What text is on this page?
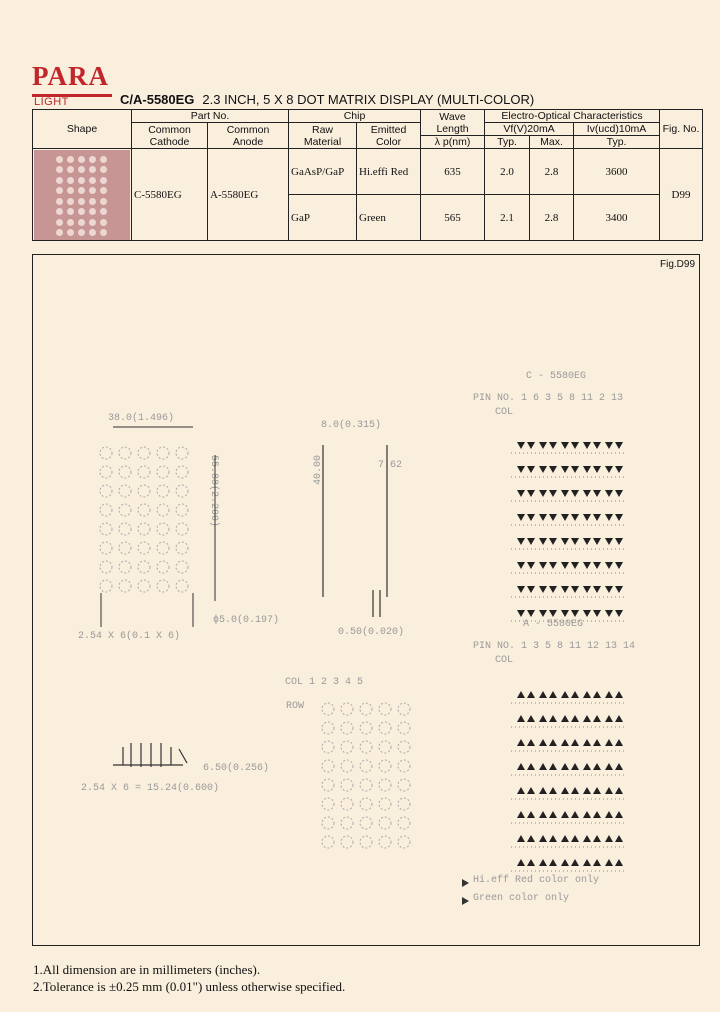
PARA
LIGHT	C/A-5580EG 2.3 INCH, 5 X 8 DOT MATRIX DISPLAY (MULTI-COLOR)
Shape	Part No.		Chip		Wave Length	Electro-Optical Characteristics			Fig. No.
	Common Cathode	Common Anode	Raw Material	Emitted Color		Vf(V)20mA		Iv(ucd)10mA	
					λ p(nm)	Typ.	Max.	Typ.	

	C-5580EG	A-5580EG	GaAsP/GaP	Hi.effi Red	635	2.0	2.8	3600	D99
			GaP	Green	565	2.1	2.8	3400	
Fig.D99
38.0(1.496)
8.0(0.315)
7.62
ϕ5.0(0.197)
2.54 X 6(0.1 X 6)	0.50(0.020)
55.88(2.200)	40.00
6.50(0.256)
2.54 X 6 = 15.24(0.600)
COL 1 2 3 4 5
ROW
C - 5580EG
PIN NO. 1 6 3 5 8 11 2 13
COL
A - 5580EG
PIN NO. 1 3 5 8 11 12 13 14
COL
Hi.eff Red color only
Green color only
1.All dimension are in millimeters (inches).
2.Tolerance is ±0.25 mm (0.01") unless otherwise specified.
